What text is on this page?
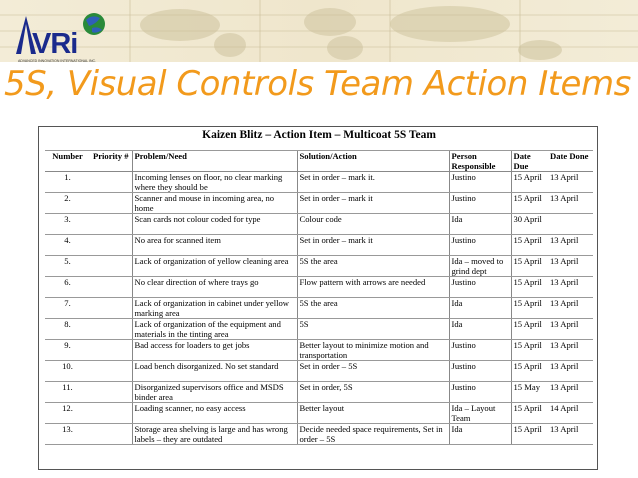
VRi
ADVANCED INNOVATION INTERNATIONAL INC.
5S, Visual Controls Team Action Items
Kaizen Blitz – Action Item – Multicoat 5S Team						
Number	Priority #	Problem/Need	Solution/Action	Person Responsible	Date Due	Date Done
1.		Incoming lenses on floor, no clear marking where they should be	Set in order – mark it.	Justino	15 April	13 April
2.		Scanner and mouse in incoming area, no home	Set in order – mark it	Justino	15 April	13 April
3.		Scan cards not colour coded for type	Colour code	Ida	30 April	
4.		No area for scanned item	Set in order – mark it	Justino	15 April	13 April
5.		Lack of organization of yellow cleaning area	5S the area	Ida – moved to grind dept	15 April	13 April
6.		No clear direction of where trays go	Flow pattern with arrows are needed	Justino	15 April	13 April
7.		Lack of organization in cabinet under yellow marking area	5S the area	Ida	15 April	13 April
8.		Lack of organization of the equipment and materials in the tinting area	5S	Ida	15 April	13 April
9.		Bad access for loaders to get jobs	Better layout to minimize motion and transportation	Justino	15 April	13 April
10.		Load bench disorganized. No set standard	Set in order – 5S	Justino	15 April	13 April
11.		Disorganized supervisors office and MSDS binder area	Set in order, 5S	Justino	15 May	13 April
12.		Loading scanner, no easy access	Better layout	Ida – Layout Team	15 April	14 April
13.		Storage area shelving is large and has wrong labels – they are outdated	Decide needed space requirements, Set in order – 5S	Ida	15 April	13 April
